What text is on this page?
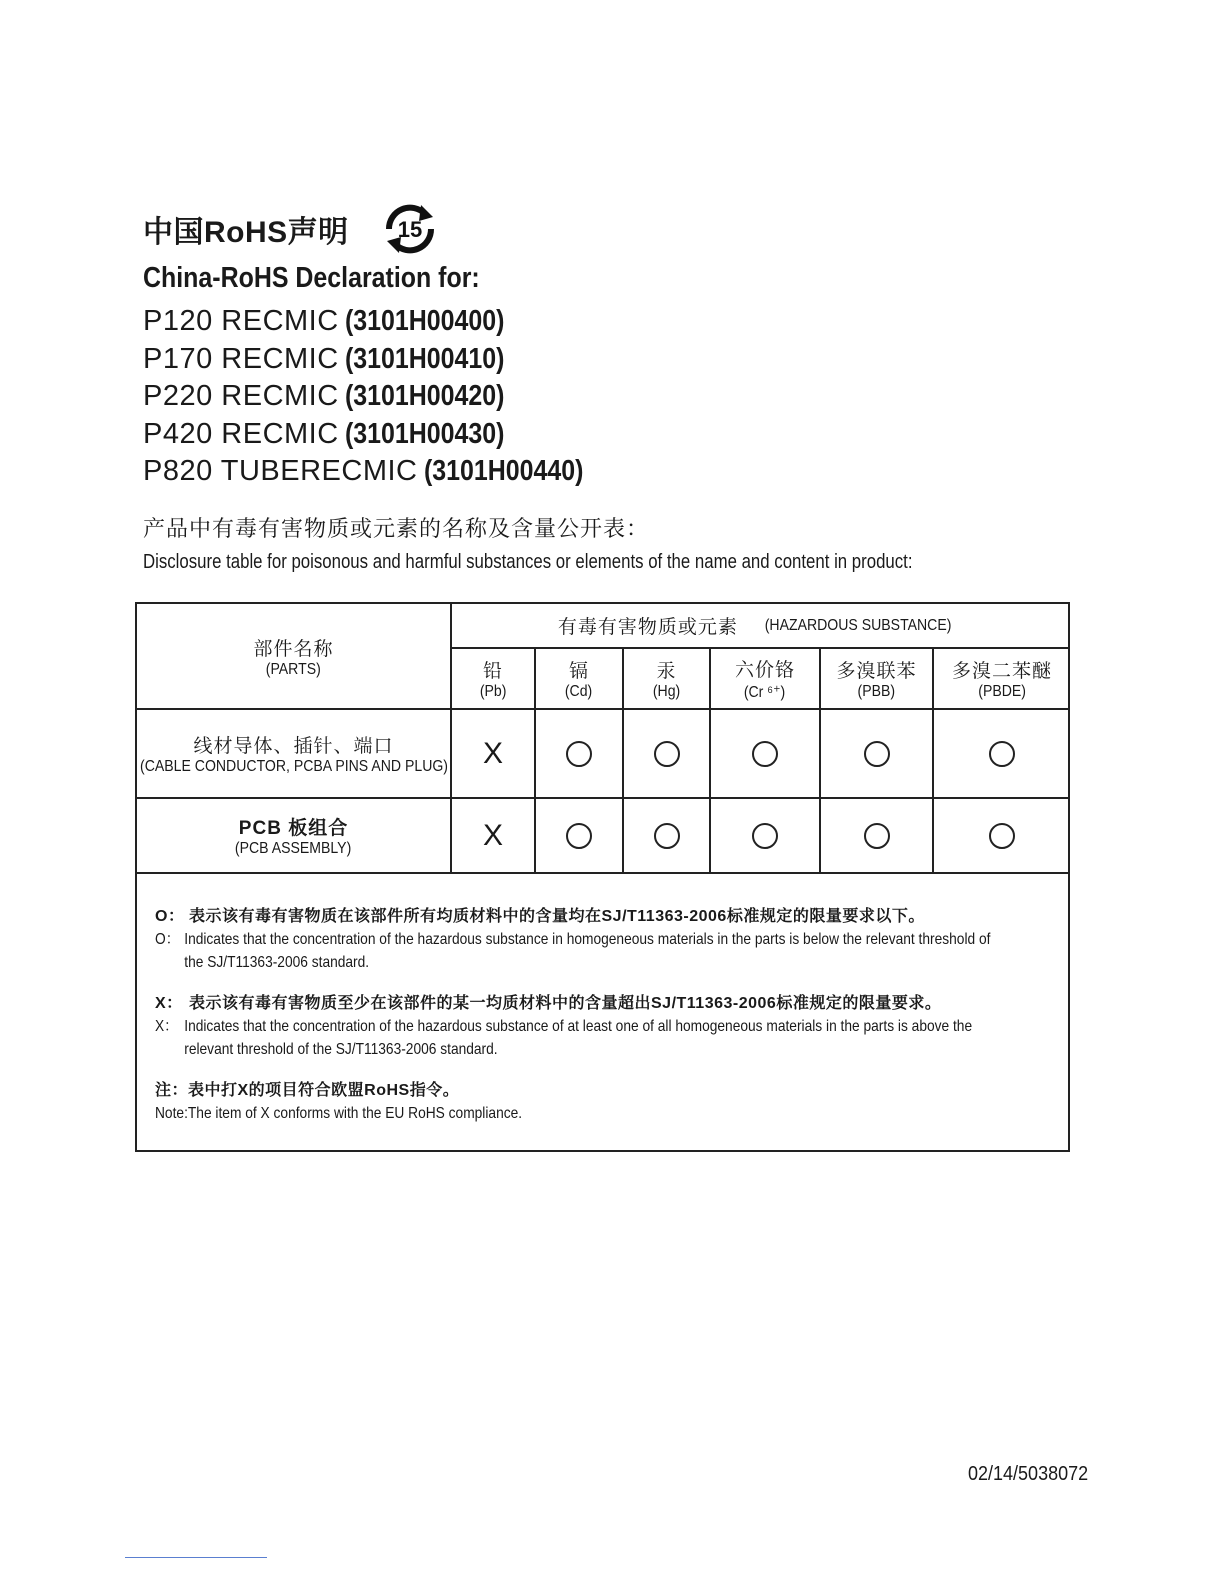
中国RoHS声明 15
China-RoHS Declaration for:
P120 RECMIC (3101H00400)
P170 RECMIC (3101H00410)
P220 RECMIC (3101H00420)
P420 RECMIC (3101H00430)
P820 TUBERECMIC (3101H00440)
产品中有毒有害物质或元素的名称及含量公开表：
Disclosure table for poisonous and harmful substances or elements of the name and content in product:
部件名称
(PARTS)
有毒有害物质或元素 (HAZARDOUS SUBSTANCE)
铅
(Pb)
镉
(Cd)
汞
(Hg)
六价铬
(Cr ⁶⁺)
多溴联苯
(PBB)
多溴二苯醚
(PBDE)
线材导体、插针、端口
(CABLE CONDUCTOR, PCBA PINS AND PLUG)	X
PCB 板组合
(PCB ASSEMBLY)	X
O： 表示该有毒有害物质在该部件所有均质材料中的含量均在SJ/T11363-2006标准规定的限量要求以下。
O： Indicates that the concentration of the hazardous substance in homogeneous materials in the parts is below the relevant threshold of
the SJ/T11363-2006 standard.
X： 表示该有毒有害物质至少在该部件的某一均质材料中的含量超出SJ/T11363-2006标准规定的限量要求。
X： Indicates that the concentration of the hazardous substance of at least one of all homogeneous materials in the parts is above the
relevant threshold of the SJ/T11363-2006 standard.
注：表中打X的项目符合欧盟RoHS指令。
Note:The item of X conforms with the EU RoHS compliance.
02/14/5038072
